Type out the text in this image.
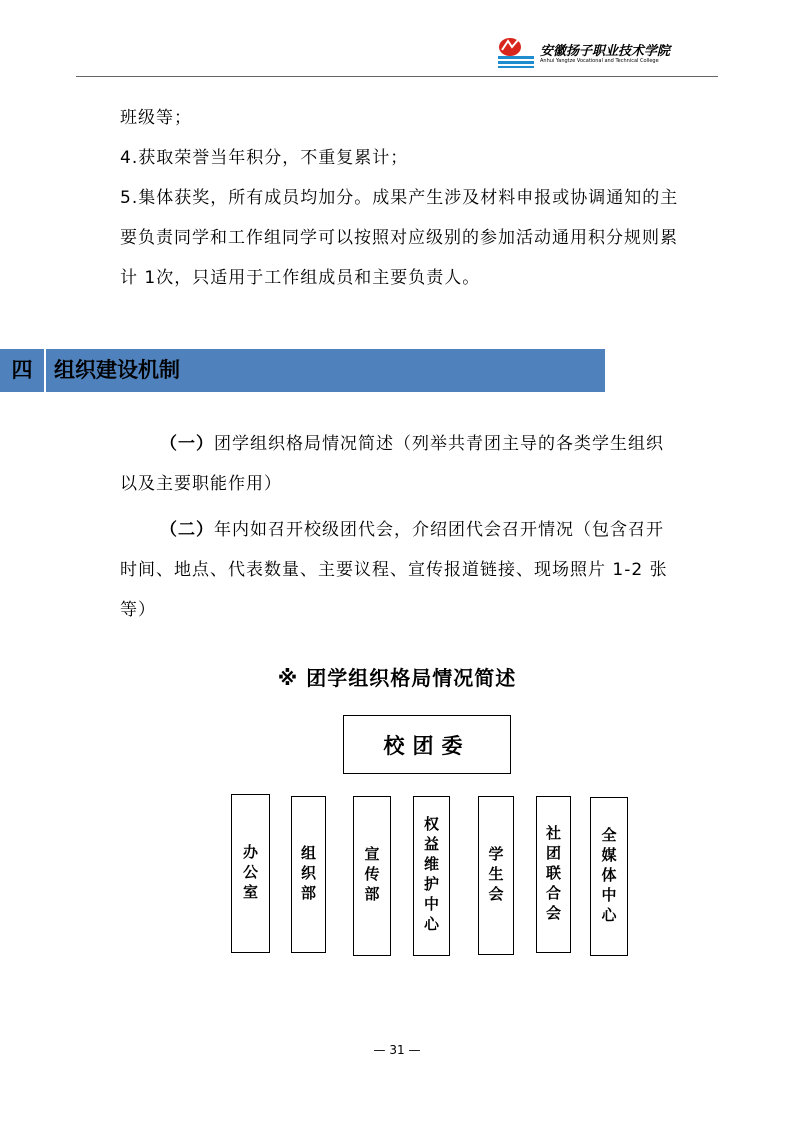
安徽扬子职业技术学院
Anhui Yangtze Vocational and Technical College
班级等；
4.获取荣誉当年积分，不重复累计；
5.集体获奖，所有成员均加分。成果产生涉及材料申报或协调通知的主要负责同学和工作组同学可以按照对应级别的参加活动通用积分规则累计 1次，只适用于工作组成员和主要负责人。
四	组织建设机制
（一）团学组织格局情况简述（列举共青团主导的各类学生组织以及主要职能作用）
（二）年内如召开校级团代会，介绍团代会召开情况（包含召开时间、地点、代表数量、主要议程、宣传报道链接、现场照片 1-2 张等）
※ 团学组织格局情况简述
校团委
办公室	组织部	宣传部	权益维护中心	学生会	社团联合会	全媒体中心
— 31 —
